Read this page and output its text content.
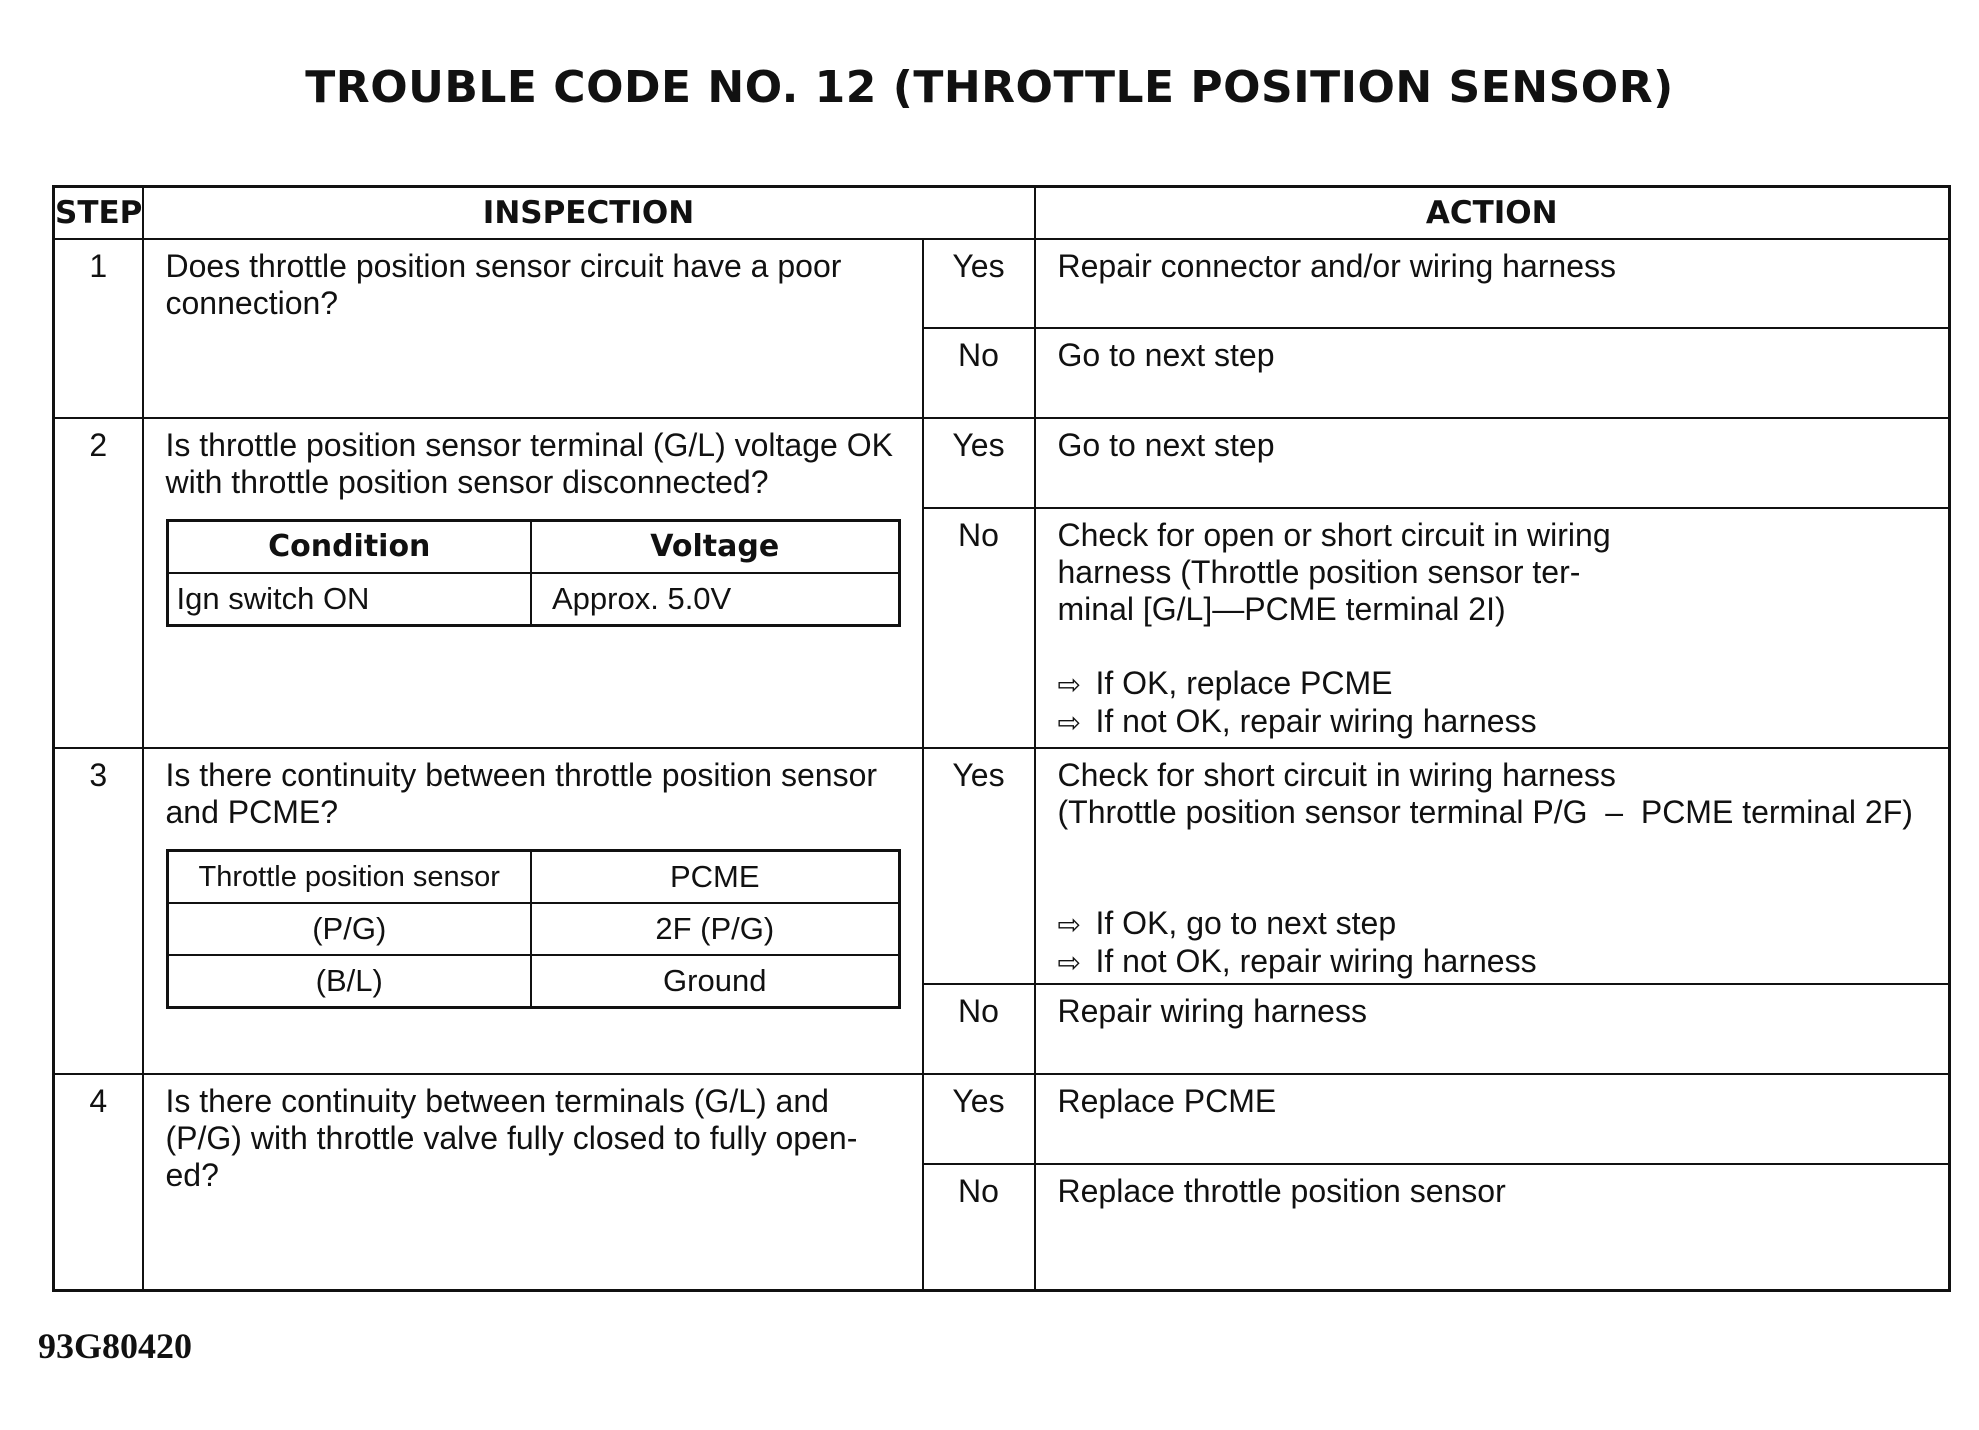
TROUBLE CODE NO. 12 (THROTTLE POSITION SENSOR)
STEP	INSPECTION	ACTION
1	Does throttle position sensor circuit have a poor connection?
	Yes	Repair connector and/or wiring harness
No	Go to next step
2	Is throttle position sensor terminal (G/L) voltage OK with throttle position sensor disconnected?
Condition	Voltage
Ign switch ON	Approx. 5.0V
	Yes	Go to next step
No	Check for open or short circuit in wiring
harness (Throttle position sensor ter-
minal [G/L]—PCME terminal 2I)
⇨ If OK, replace PCME
⇨ If not OK, repair wiring harness

3	Is there continuity between throttle position sensor and PCME?
Throttle position sensor	PCME
(P/G)	2F (P/G)
(B/L)	Ground
	Yes	Check for short circuit in wiring harness
(Throttle position sensor terminal P/G  –  PCME terminal 2F)
⇨ If OK, go to next step
⇨ If not OK, repair wiring harness

No	Repair wiring harness
4	Is there continuity between terminals (G/L) and
(P/G) with throttle valve fully closed to fully open-
ed?
	Yes	Replace PCME
No	Replace throttle position sensor
93G80420
